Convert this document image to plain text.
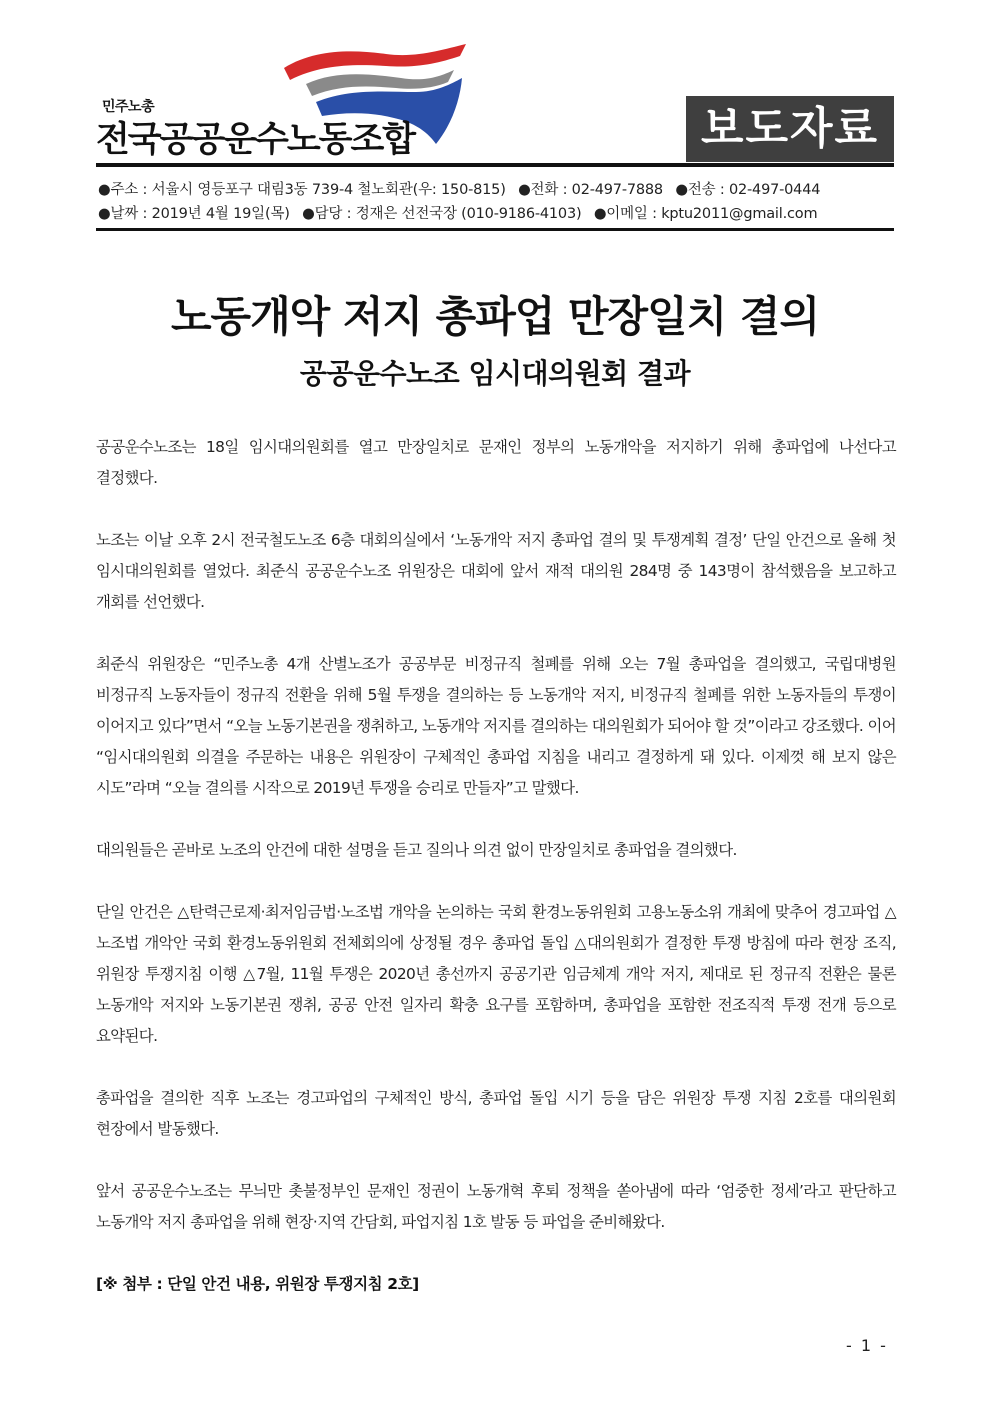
민주노총
전국공공운수노동조합	보도자료
●주소 : 서울시 영등포구 대림3동 739-4 철노회관(우: 150-815) ●전화 : 02-497-7888 ●전송 : 02-497-0444
●날짜 : 2019년 4월 19일(목) ●담당 : 정재은 선전국장 (010-9186-4103) ●이메일 : kptu2011@gmail.com
노동개악 저지 총파업 만장일치 결의
공공운수노조 임시대의원회 결과

공공운수노조는 18일 임시대의원회를 열고 만장일치로 문재인 정부의 노동개악을 저지하기 위해 총파업에 나선다고 결정했다.

노조는 이날 오후 2시 전국철도노조 6층 대회의실에서 ‘노동개악 저지 총파업 결의 및 투쟁계획 결정’ 단일 안건으로 올해 첫 임시대의원회를 열었다. 최준식 공공운수노조 위원장은 대회에 앞서 재적 대의원 284명 중 143명이 참석했음을 보고하고 개회를 선언했다.

최준식 위원장은 “민주노총 4개 산별노조가 공공부문 비정규직 철폐를 위해 오는 7월 총파업을 결의했고, 국립대병원 비정규직 노동자들이 정규직 전환을 위해 5월 투쟁을 결의하는 등 노동개악 저지, 비정규직 철폐를 위한 노동자들의 투쟁이 이어지고 있다”면서 “오늘 노동기본권을 쟁취하고, 노동개악 저지를 결의하는 대의원회가 되어야 할 것”이라고 강조했다. 이어 “임시대의원회 의결을 주문하는 내용은 위원장이 구체적인 총파업 지침을 내리고 결정하게 돼 있다. 이제껏 해 보지 않은 시도”라며 “오늘 결의를 시작으로 2019년 투쟁을 승리로 만들자”고 말했다.

대의원들은 곧바로 노조의 안건에 대한 설명을 듣고 질의나 의견 없이 만장일치로 총파업을 결의했다.

단일 안건은 △탄력근로제·최저임금법·노조법 개악을 논의하는 국회 환경노동위원회 고용노동소위 개최에 맞추어 경고파업 △노조법 개악안 국회 환경노동위원회 전체회의에 상정될 경우 총파업 돌입 △대의원회가 결정한 투쟁 방침에 따라 현장 조직, 위원장 투쟁지침 이행 △7월, 11월 투쟁은 2020년 총선까지 공공기관 임금체계 개악 저지, 제대로 된 정규직 전환은 물론 노동개악 저지와 노동기본권 쟁취, 공공 안전 일자리 확충 요구를 포함하며, 총파업을 포함한 전조직적 투쟁 전개 등으로 요약된다.

총파업을 결의한 직후 노조는 경고파업의 구체적인 방식, 총파업 돌입 시기 등을 담은 위원장 투쟁 지침 2호를 대의원회 현장에서 발동했다.

앞서 공공운수노조는 무늬만 촛불정부인 문재인 정권이 노동개혁 후퇴 정책을 쏟아냄에 따라 ‘엄중한 정세’라고 판단하고 노동개악 저지 총파업을 위해 현장·지역 간담회, 파업지침 1호 발동 등 파업을 준비해왔다.

[※ 첨부 : 단일 안건 내용, 위원장 투쟁지침 2호]

- 1 -
